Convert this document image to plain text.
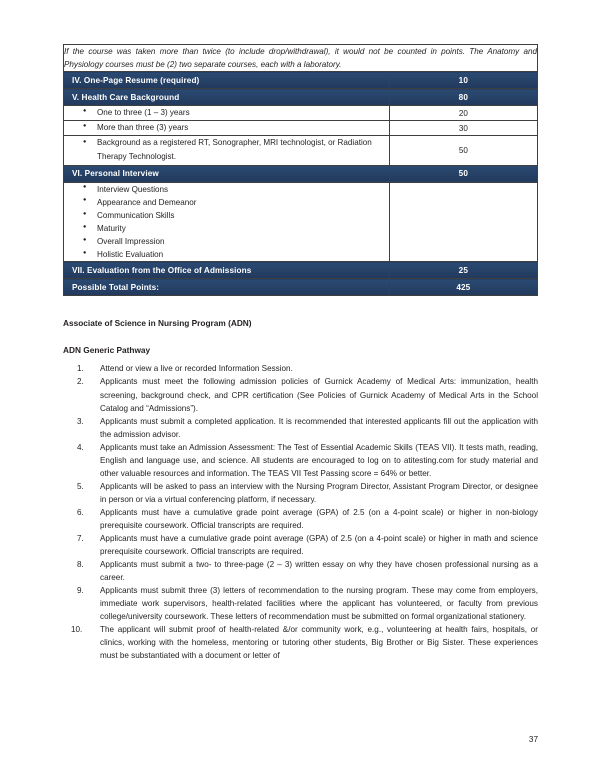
If the course was taken more than twice (to include drop/withdrawal), it would not be counted in points. The Anatomy and Physiology courses must be (2) two separate courses, each with a laboratory.	
IV. One-Page Resume (required)	10
V. Health Care Background	80

● One to three (1 – 3) years	20

● More than three (3) years	30

● Background as a registered RT, Sonographer, MRI technologist, or Radiation Therapy Technologist.	50
VI. Personal Interview	50

● Interview Questions
● Appearance and Demeanor
● Communication Skills
● Maturity
● Overall Impression
● Holistic Evaluation

VII. Evaluation from the Office of Admissions	25
Possible Total Points:	425
Associate of Science in Nursing Program (ADN)
ADN Generic Pathway
Attend or view a live or recorded Information Session.
Applicants must meet the following admission policies of Gurnick Academy of Medical Arts: immunization, health screening, background check, and CPR certification (See Policies of Gurnick Academy of Medical Arts in the School Catalog and “Admissions”).
Applicants must submit a completed application. It is recommended that interested applicants fill out the application with the admission advisor.
Applicants must take an Admission Assessment: The Test of Essential Academic Skills (TEAS VII). It tests math, reading, English and language use, and science. All students are encouraged to log on to atitesting.com for study material and other valuable resources and information. The TEAS VII Test Passing score = 64% or better.
Applicants will be asked to pass an interview with the Nursing Program Director, Assistant Program Director, or designee in person or via a virtual conferencing platform, if necessary.
Applicants must have a cumulative grade point average (GPA) of 2.5 (on a 4-point scale) or higher in non-biology prerequisite coursework. Official transcripts are required.
Applicants must have a cumulative grade point average (GPA) of 2.5 (on a 4-point scale) or higher in math and science prerequisite coursework. Official transcripts are required.
Applicants must submit a two- to three-page (2 – 3) written essay on why they have chosen professional nursing as a career.
Applicants must submit three (3) letters of recommendation to the nursing program. These may come from employers, immediate work supervisors, health-related facilities where the applicant has volunteered, or faculty from previous college/university coursework. These letters of recommendation must be submitted on formal organizational stationery.
The applicant will submit proof of health-related &/or community work, e.g., volunteering at health fairs, hospitals, or clinics, working with the homeless, mentoring or tutoring other students, Big Brother or Big Sister. These experiences must be substantiated with a document or letter of
37
